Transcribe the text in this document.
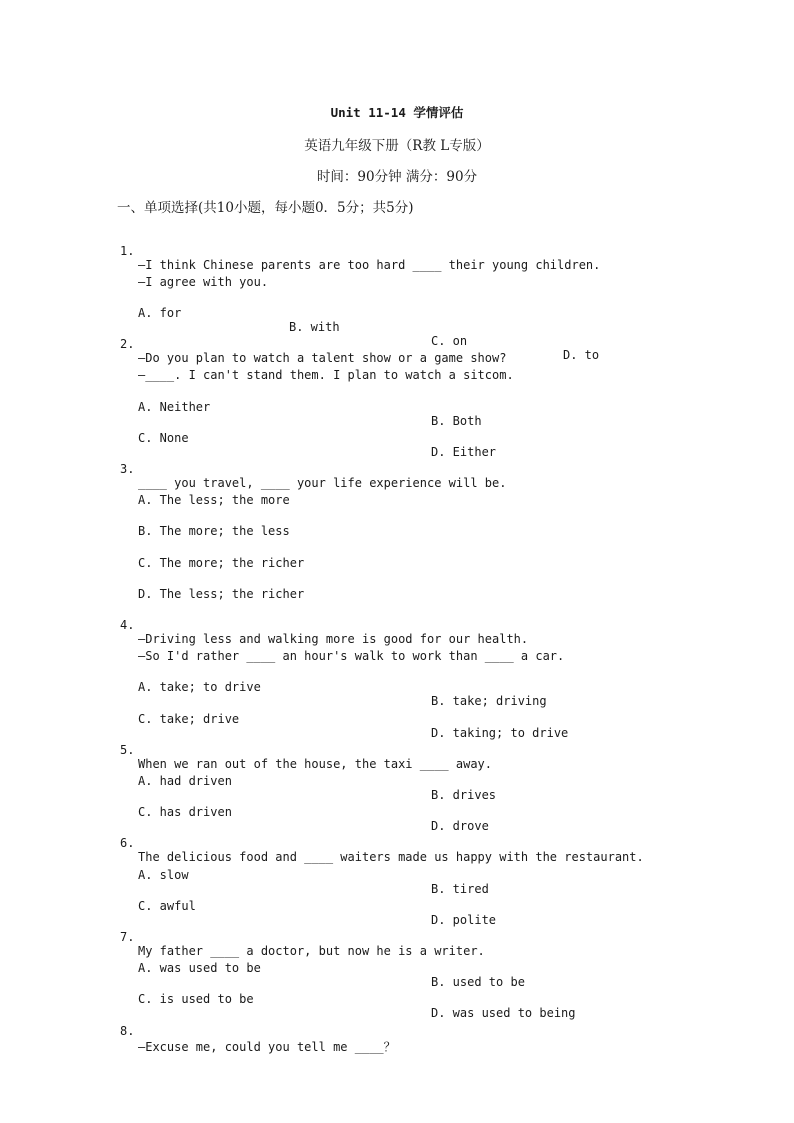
Unit 11-14 学情评估
英语九年级下册（R教 L专版）
时间：90分钟 满分：90分
一、单项选择(共10小题，每小题0．5分；共5分)

1.

—I think Chinese parents are too hard ____ their young children.

—I agree with you.

A. for

B. with

C. on

D. to

2.

—Do you plan to watch a talent show or a game show?

—____. I can't stand them. I plan to watch a sitcom.

A. Neither

B. Both

C. None

D. Either

3.

____ you travel, ____ your life experience will be.

A. The less; the more

B. The more; the less

C. The more; the richer

D. The less; the richer

4.

—Driving less and walking more is good for our health.

—So I'd rather ____ an hour's walk to work than ____ a car.

A. take; to drive

B. take; driving

C. take; drive

D. taking; to drive

5.

When we ran out of the house, the taxi ____ away.

A. had driven

B. drives

C. has driven

D. drove

6.

The delicious food and ____ waiters made us happy with the restaurant.

A. slow

B. tired

C. awful

D. polite

7.

My father ____ a doctor, but now he is a writer.

A. was used to be

B. used to be

C. is used to be

D. was used to being

8.

—Excuse me, could you tell me ____？
